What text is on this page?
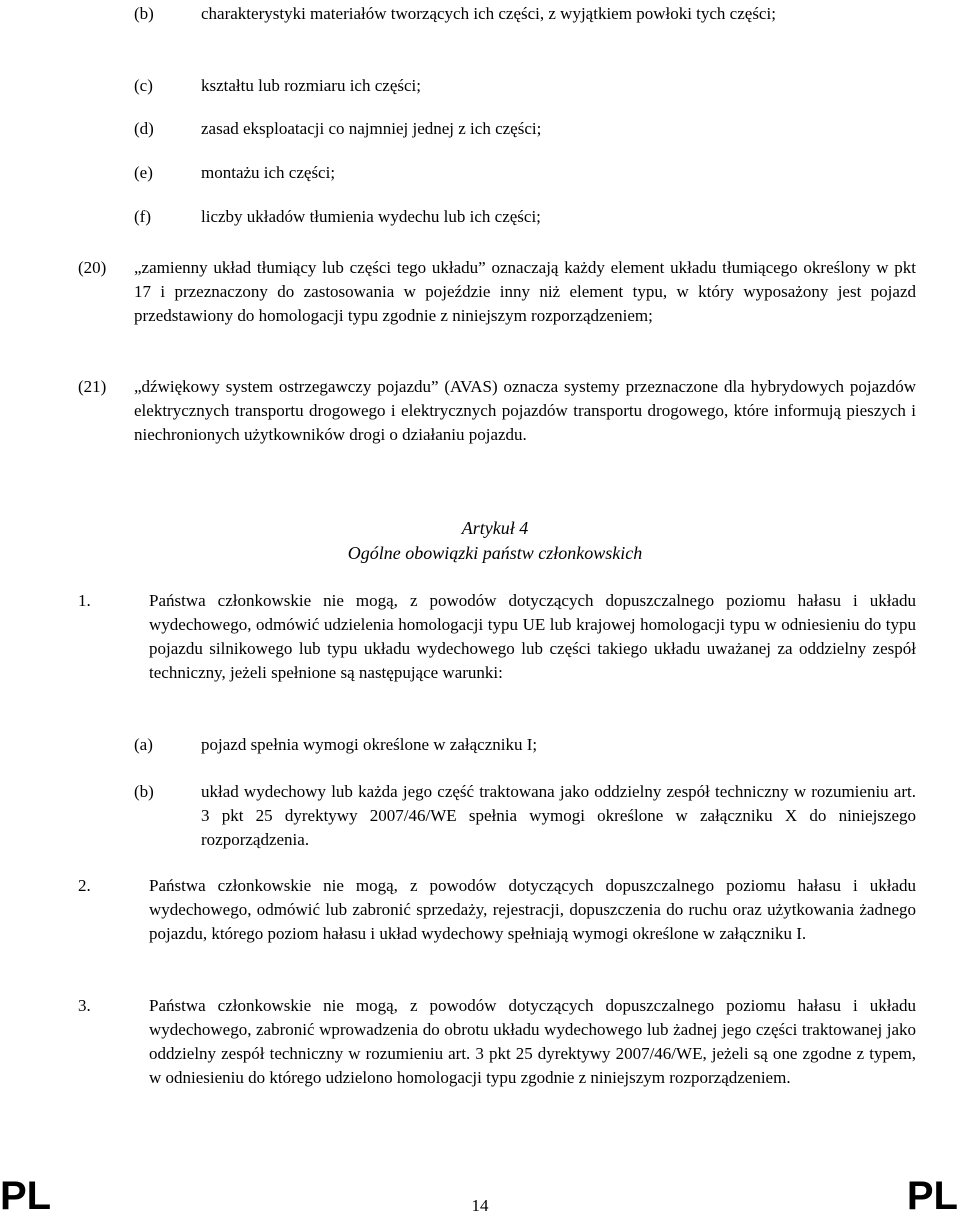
(b)	charakterystyki materiałów tworzących ich części, z wyjątkiem powłoki tych części;
(c)	kształtu lub rozmiaru ich części;
(d)	zasad eksploatacji co najmniej jednej z ich części;
(e)	montażu ich części;
(f)	liczby układów tłumienia wydechu lub ich części;
(20) „zamienny układ tłumiący lub części tego układu” oznaczają każdy element układu tłumiącego określony w pkt 17 i przeznaczony do zastosowania w pojeździe inny niż element typu, w który wyposażony jest pojazd przedstawiony do homologacji typu zgodnie z niniejszym rozporządzeniem;
(21) „dźwiękowy system ostrzegawczy pojazdu” (AVAS) oznacza systemy przeznaczone dla hybrydowych pojazdów elektrycznych transportu drogowego i elektrycznych pojazdów transportu drogowego, które informują pieszych i niechronionych użytkowników drogi o działaniu pojazdu.
Artykuł 4
Ogólne obowiązki państw członkowskich
1.	Państwa członkowskie nie mogą, z powodów dotyczących dopuszczalnego poziomu hałasu i układu wydechowego, odmówić udzielenia homologacji typu UE lub krajowej homologacji typu w odniesieniu do typu pojazdu silnikowego lub typu układu wydechowego lub części takiego układu uważanej za oddzielny zespół techniczny, jeżeli spełnione są następujące warunki:
(a)	pojazd spełnia wymogi określone w załączniku I;
(b)	układ wydechowy lub każda jego część traktowana jako oddzielny zespół techniczny w rozumieniu art. 3 pkt 25 dyrektywy 2007/46/WE spełnia wymogi określone w załączniku X do niniejszego rozporządzenia.
2.	Państwa członkowskie nie mogą, z powodów dotyczących dopuszczalnego poziomu hałasu i układu wydechowego, odmówić lub zabronić sprzedaży, rejestracji, dopuszczenia do ruchu oraz użytkowania żadnego pojazdu, którego poziom hałasu i układ wydechowy spełniają wymogi określone w załączniku I.
3.	Państwa członkowskie nie mogą, z powodów dotyczących dopuszczalnego poziomu hałasu i układu wydechowego, zabronić wprowadzenia do obrotu układu wydechowego lub żadnej jego części traktowanej jako oddzielny zespół techniczny w rozumieniu art. 3 pkt 25 dyrektywy 2007/46/WE, jeżeli są one zgodne z typem, w odniesieniu do którego udzielono homologacji typu zgodnie z niniejszym rozporządzeniem.
PL	14	PL
